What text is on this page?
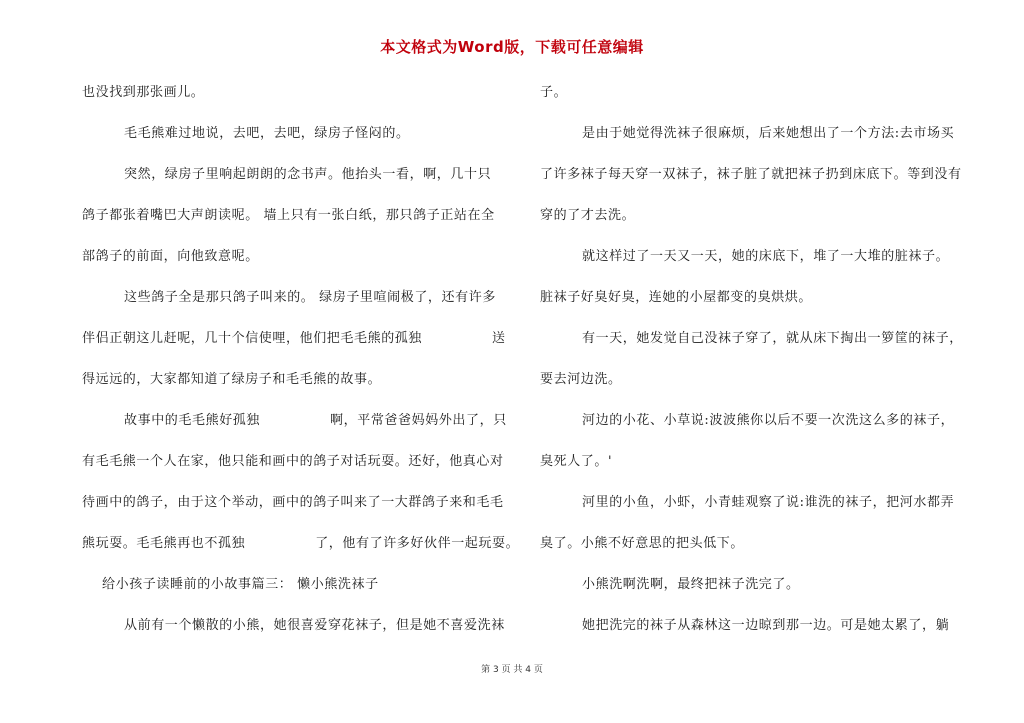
本文格式为Word版，下载可任意编辑
也没找到那张画儿。
毛毛熊难过地说，去吧，去吧，绿房子怪闷的。
突然，绿房子里响起朗朗的念书声。他抬头一看，啊，几十只
鸽子都张着嘴巴大声朗读呢。 墙上只有一张白纸，那只鸽子正站在全
部鸽子的前面，向他致意呢。
这些鸽子全是那只鸽子叫来的。 绿房子里喧闹极了，还有许多
伴侣正朝这儿赶呢，几十个信使哩，他们把毛毛熊的孤独	送
得远远的，大家都知道了绿房子和毛毛熊的故事。
故事中的毛毛熊好孤独	啊，平常爸爸妈妈外出了，只
有毛毛熊一个人在家，他只能和画中的鸽子对话玩耍。还好，他真心对
待画中的鸽子，由于这个举动，画中的鸽子叫来了一大群鸽子来和毛毛
熊玩耍。毛毛熊再也不孤独	了，他有了许多好伙伴一起玩耍。
给小孩子读睡前的小故事篇三： 懒小熊洗袜子
从前有一个懒散的小熊，她很喜爱穿花袜子，但是她不喜爱洗袜
子。
是由于她觉得洗袜子很麻烦，后来她想出了一个方法:去市场买
了许多袜子每天穿一双袜子，袜子脏了就把袜子扔到床底下。等到没有
穿的了才去洗。
就这样过了一天又一天，她的床底下，堆了一大堆的脏袜子。
脏袜子好臭好臭，连她的小屋都变的臭烘烘。
有一天，她发觉自己没袜子穿了，就从床下掏出一箩筐的袜子，
要去河边洗。
河边的小花、小草说:波波熊你以后不要一次洗这么多的袜子，
臭死人了。'
河里的小鱼，小虾，小青蛙观察了说:谁洗的袜子，把河水都弄
臭了。小熊不好意思的把头低下。
小熊洗啊洗啊，最终把袜子洗完了。
她把洗完的袜子从森林这一边晾到那一边。可是她太累了，躺
第 3 页 共 4 页
